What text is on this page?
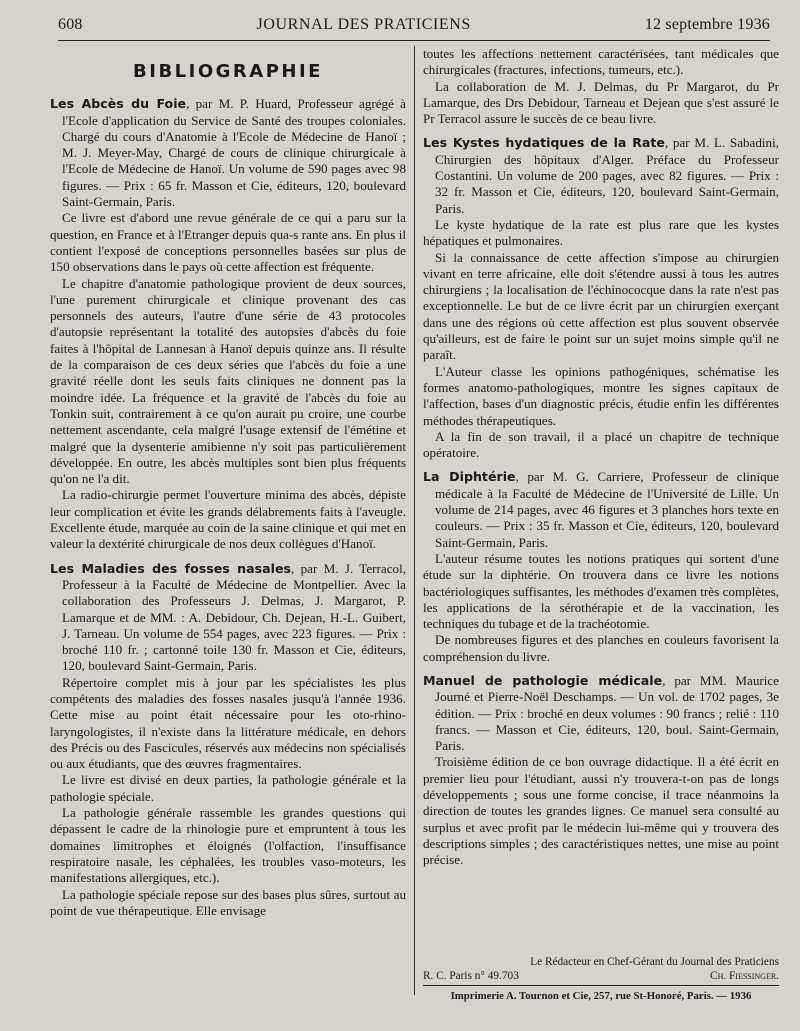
608	JOURNAL DES PRATICIENS	12 septembre 1936
BIBLIOGRAPHIE

Les Abcès du Foie, par M. P. Huard, Professeur agrégé à l'Ecole d'application du Service de Santé des troupes coloniales. Chargé du cours d'Anatomie à l'Ecole de Médecine de Hanoï ; M. J. Meyer-May, Chargé de cours de clinique chirurgicale à l'Ecole de Médecine de Hanoï. Un volume de 590 pages avec 98 figures. — Prix : 65 fr. Masson et Cie, éditeurs, 120, boulevard Saint-Germain, Paris.

Ce livre est d'abord une revue générale de ce qui a paru sur la question, en France et à l'Etranger depuis qua-s rante ans. En plus il contient l'exposé de conceptions personnelles basées sur plus de 150 observations dans le pays où cette affection est fréquente.

Le chapitre d'anatomie pathologique provient de deux sources, l'une purement chirurgicale et clinique provenant des cas personnels des auteurs, l'autre d'une série de 43 protocoles d'autopsie représentant la totalité des autopsies d'abcès du foie faites à l'hôpital de Lannesan à Hanoï depuis quinze ans. Il résulte de la comparaison de ces deux séries que l'abcès du foie a une gravité réelle dont les seuls faits cliniques ne donnent pas la moindre idée. La fréquence et la gravité de l'abcès du foie au Tonkin suit, contrairement à ce qu'on aurait pu croire, une courbe nettement ascendante, cela malgré l'usage extensif de l'émétine et malgré que la dysenterie amibienne n'y soit pas particulièrement développée. En outre, les abcès multiples sont bien plus fréquents qu'on ne l'a dit.

La radio-chirurgie permet l'ouverture minima des abcès, dépiste leur complication et évite les grands délabrements faits à l'aveugle. Excellente étude, marquée au coin de la saine clinique et qui met en valeur la dextérité chirurgicale de nos deux collègues d'Hanoï.

Les Maladies des fosses nasales, par M. J. Terracol, Professeur à la Faculté de Médecine de Montpellier. Avec la collaboration des Professeurs J. Delmas, J. Margarot, P. Lamarque et de MM. : A. Debidour, Ch. Dejean, H.-L. Guibert, J. Tarneau. Un volume de 554 pages, avec 223 figures. — Prix : broché 110 fr. ; cartonné toile 130 fr. Masson et Cie, éditeurs, 120, boulevard Saint-Germain, Paris.

Répertoire complet mis à jour par les spécialistes les plus compétents des maladies des fosses nasales jusqu'à l'année 1936. Cette mise au point était nécessaire pour les oto-rhino-laryngologistes, il n'existe dans la littérature médicale, en dehors des Précis ou des Fascicules, réservés aux médecins non spécialisés ou aux étudiants, que des œuvres fragmentaires.

Le livre est divisé en deux parties, la pathologie générale et la pathologie spéciale.

La pathologie générale rassemble les grandes questions qui dépassent le cadre de la rhinologie pure et empruntent à tous les domaines limitrophes et éloignés (l'olfaction, l'insuffisance respiratoire nasale, les céphalées, les troubles vaso-moteurs, les manifestations allergiques, etc.).

La pathologie spéciale repose sur des bases plus sûres, surtout au point de vue thérapeutique. Elle envisage

toutes les affections nettement caractérisées, tant médicales que chirurgicales (fractures, infections, tumeurs, etc.).

La collaboration de M. J. Delmas, du Pr Margarot, du Pr Lamarque, des Drs Debidour, Tarneau et Dejean que s'est assuré le Pr Terracol assure le succès de ce beau livre.

Les Kystes hydatiques de la Rate, par M. L. Sabadini, Chirurgien des hôpitaux d'Alger. Préface du Professeur Costantini. Un volume de 200 pages, avec 82 figures. — Prix : 32 fr. Masson et Cie, éditeurs, 120, boulevard Saint-Germain, Paris.

Le kyste hydatique de la rate est plus rare que les kystes hépatiques et pulmonaires.

Si la connaissance de cette affection s'impose au chirurgien vivant en terre africaine, elle doit s'étendre aussi à tous les autres chirurgiens ; la localisation de l'échinococque dans la rate n'est pas exceptionnelle. Le but de ce livre écrit par un chirurgien exerçant dans une des régions où cette affection est plus souvent observée qu'ailleurs, est de faire le point sur un sujet moins simple qu'il ne paraît.

L'Auteur classe les opinions pathogéniques, schématise les formes anatomo-pathologiques, montre les signes capitaux de l'affection, bases d'un diagnostic précis, étudie enfin les différentes méthodes thérapeutiques.

A la fin de son travail, il a placé un chapitre de technique opératoire.

La Diphtérie, par M. G. Carriere, Professeur de clinique médicale à la Faculté de Médecine de l'Université de Lille. Un volume de 214 pages, avec 46 figures et 3 planches hors texte en couleurs. — Prix : 35 fr. Masson et Cie, éditeurs, 120, boulevard Saint-Germain, Paris.

L'auteur résume toutes les notions pratiques qui sortent d'une étude sur la diphtérie. On trouvera dans ce livre les notions bactériologiques suffisantes, les méthodes d'examen très complètes, les applications de la sérothérapie et de la vaccination, les techniques du tubage et de la trachéotomie.

De nombreuses figures et des planches en couleurs favorisent la compréhension du livre.

Manuel de pathologie médicale, par MM. Maurice Journé et Pierre-Noël Deschamps. — Un vol. de 1702 pages, 3e édition. — Prix : broché en deux volumes : 90 francs ; relié : 110 francs. — Masson et Cie, éditeurs, 120, boul. Saint-Germain, Paris.

Troisième édition de ce bon ouvrage didactique. Il a été écrit en premier lieu pour l'étudiant, aussi n'y trouvera-t-on pas de longs développements ; sous une forme concise, il trace néanmoins la direction de toutes les grandes lignes. Ce manuel sera consulté au surplus et avec profit par le médecin lui-même qui y trouvera des descriptions simples ; des caractéristiques nettes, une mise au point précise.

Le Rédacteur en Chef-Gérant du Journal des Praticiens
R. C. Paris n° 49.703	Ch. Fiessinger.
Imprimerie A. Tournon et Cie, 257, rue St-Honoré, Paris. — 1936
